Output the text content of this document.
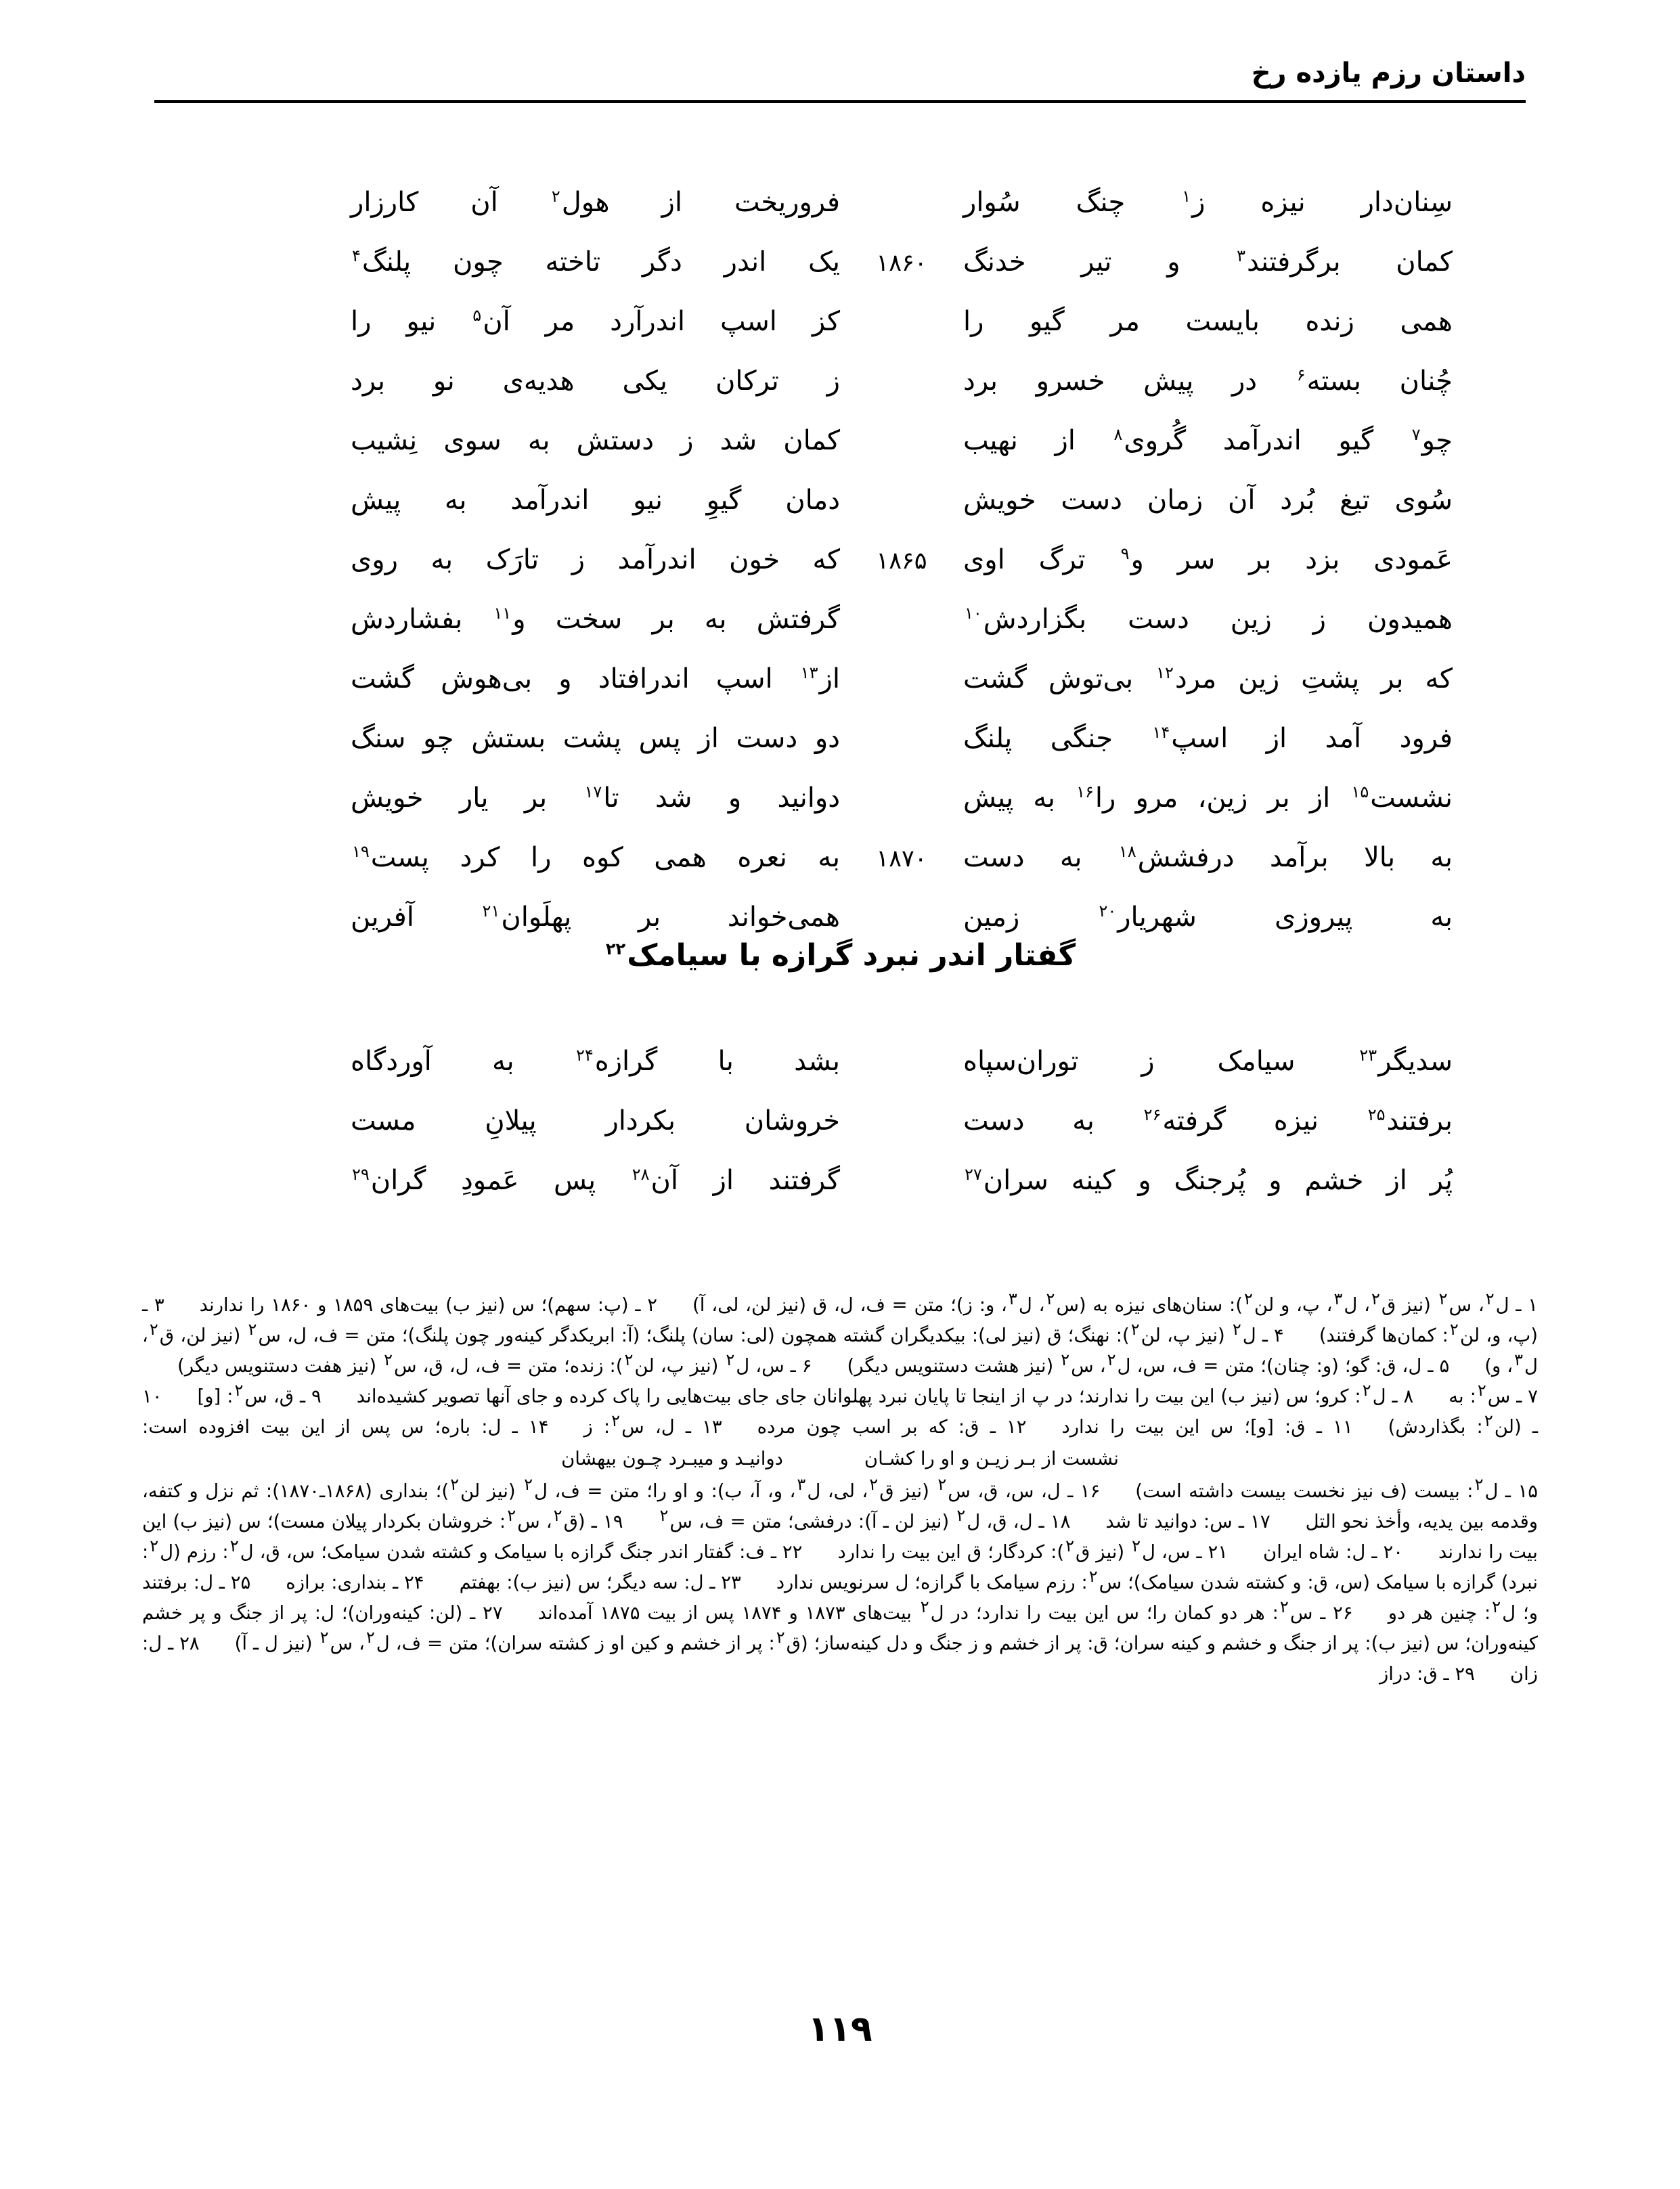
داستان رزم یازده رخ
سِنان‌دار نیزه ز$^۱$ چنگ سُوار
فروریخت از هول$^۲$ آن کارزار
کمان برگرفتند$^۳$ و تیر خدنگ
۱۸۶۰
یک اندر دگر تاخته چون پلنگ$^۴$
همی زنده بایست مر گیو را
کز اسپ اندرآرد مر آن$^۵$ نیو را
چُنان بسته$^۶$ در پیش خسرو برد
ز ترکان یکی هدیه‌ی نو برد
چو$^۷$ گیو اندرآمد گُروی$^۸$ از نهیب
کمان شد ز دستش به سوی نِشیب
سُوی تیغ بُرد آن زمان دست خویش
دمان گیوِ نیو اندرآمد به پیش
عَمودی بزد بر سر و$^۹$ ترگ اوی
۱۸۶۵
که خون اندرآمد ز تارَک به روی
همیدون ز زین دست بگزاردش$^{۱۰}$
گرفتش به بر سخت و$^{۱۱}$ بفشاردش
که بر پشتِ زین مرد$^{۱۲}$ بی‌توش گشت
از$^{۱۳}$ اسپ اندرافتاد و بی‌هوش گشت
فرود آمد از اسپ$^{۱۴}$ جنگی پلنگ
دو دست از پس پشت بستش چو سنگ
نشست$^{۱۵}$ از بر زین، مرو را$^{۱۶}$ به پیش
دوانید و شد تا$^{۱۷}$ بر یار خویش
به بالا برآمد درفشش$^{۱۸}$ به دست
۱۸۷۰
به نعره همی کوه را کرد پست$^{۱۹}$
به پیروزی شهریار$^{۲۰}$ زمین
همی‌خواند بر پهلَوان$^{۲۱}$ آفرین
گفتار اندر نبرد گرازه با سیامک$^{۲۲}$
سدیگر$^{۲۳}$ سیامک ز توران‌سپاه
بشد با گرازه$^{۲۴}$ به آوردگاه
برفتند$^{۲۵}$ نیزه گرفته$^{۲۶}$ به دست
خروشان بکردار پیلانِ مست
پُر از خشم و پُرجنگ و کینه سران$^{۲۷}$
گرفتند از آن$^{۲۸}$ پس عَمودِ گران$^{۲۹}$

۱ ـ ل$^۲$، س$^۲$ (نیز ق$^۲$، ل$^۳$، پ، و لن$^۲$): سنان‌های نیزه به (س$^۲$، ل$^۳$، و: ز)؛ متن = ف، ل، ق (نیز لن، لی، آ)۲ ـ (پ: سهم)؛ س (نیز ب) بیت‌های ۱۸۵۹ و ۱۸۶۰ را ندارند۳ ـ (پ، و، لن$^۲$: کمان‌ها گرفتند)۴ ـ ل$^۲$ (نیز پ، لن$^۲$): نهنگ؛ ق (نیز لی): بیکدیگران گشته همچون (لی: سان) پلنگ؛ (آ: ابریکدگر کینه‌ور چون پلنگ)؛ متن = ف، ل، س$^۲$ (نیز لن، ق$^۲$، ل$^۳$، و)۵ ـ ل، ق: گو؛ (و: چنان)؛ متن = ف، س، ل$^۲$، س$^۲$ (نیز هشت دستنویس دیگر)۶ ـ س، ل$^۲$ (نیز پ، لن$^۲$): زنده؛ متن = ف، ل، ق، س$^۲$ (نیز هفت دستنویس دیگر)۷ ـ س$^۲$: به۸ ـ ل$^۲$: کرو؛ س (نیز ب) این بیت را ندارند؛ در پ از اینجا تا پایان نبرد پهلوانان جای جای بیت‌هایی را پاک کرده و جای آنها تصویر کشیده‌اند۹ ـ ق، س$^۲$: [و]۱۰ ـ (لن$^۲$: بگذاردش)۱۱ ـ ق: [و]؛ س این بیت را ندارد۱۲ ـ ق: که بر اسب چون مرده۱۳ ـ ل، س$^۲$: ز۱۴ ـ ل: باره؛ س پس از این بیت افزوده است:

نشست از بـر زیـن و او را کشـان
دوانیـد و میبـرد چـون بیهشان

۱۵ ـ ل$^۲$: بیست (ف نیز نخست بیست داشته است)۱۶ ـ ل، س، ق، س$^۲$ (نیز ق$^۲$، لی، ل$^۳$، و، آ، ب): و او را؛ متن = ف، ل$^۲$ (نیز لن$^۲$)؛ بنداری (۱۸۶۸ـ۱۸۷۰): ثم نزل و کتفه، وقدمه بین یدیه، وأخذ نحو التل۱۷ ـ س: دوانید تا شد۱۸ ـ ل، ق، ل$^۲$ (نیز لن ـ آ): درفشی؛ متن = ف، س$^۲$۱۹ ـ (ق$^۲$، س$^۲$: خروشان بکردار پیلان مست)؛ س (نیز ب) این بیت را ندارند۲۰ ـ ل: شاه ایران۲۱ ـ س، ل$^۲$ (نیز ق$^۲$): کردگار؛ ق این بیت را ندارد۲۲ ـ ف: گفتار اندر جنگ گرازه با سیامک و کشته شدن سیامک؛ س، ق، ل$^۲$: رزم (ل$^۲$: نبرد) گرازه با سیامک (س، ق: و کشته شدن سیامک)؛ س$^۲$: رزم سیامک با گرازه؛ ل سرنویس ندارد۲۳ ـ ل: سه دیگر؛ س (نیز ب): بهفتم۲۴ ـ بنداری: برازه۲۵ ـ ل: برفتند و؛ ل$^۲$: چنین هر دو۲۶ ـ س$^۲$: هر دو کمان را؛ س این بیت را ندارد؛ در ل$^۲$ بیت‌های ۱۸۷۳ و ۱۸۷۴ پس از بیت ۱۸۷۵ آمده‌اند۲۷ ـ (لن: کینه‌وران)؛ ل: پر از جنگ و پر خشم کینه‌وران؛ س (نیز ب): پر از جنگ و خشم و کینه سران؛ ق: پر از خشم و ز جنگ و دل کینه‌ساز؛ (ق$^۲$: پر از خشم و کین او ز کشته سران)؛ متن = ف، ل$^۲$، س$^۲$ (نیز ل ـ آ)۲۸ ـ ل: زان۲۹ ـ ق: دراز

۱۱۹
